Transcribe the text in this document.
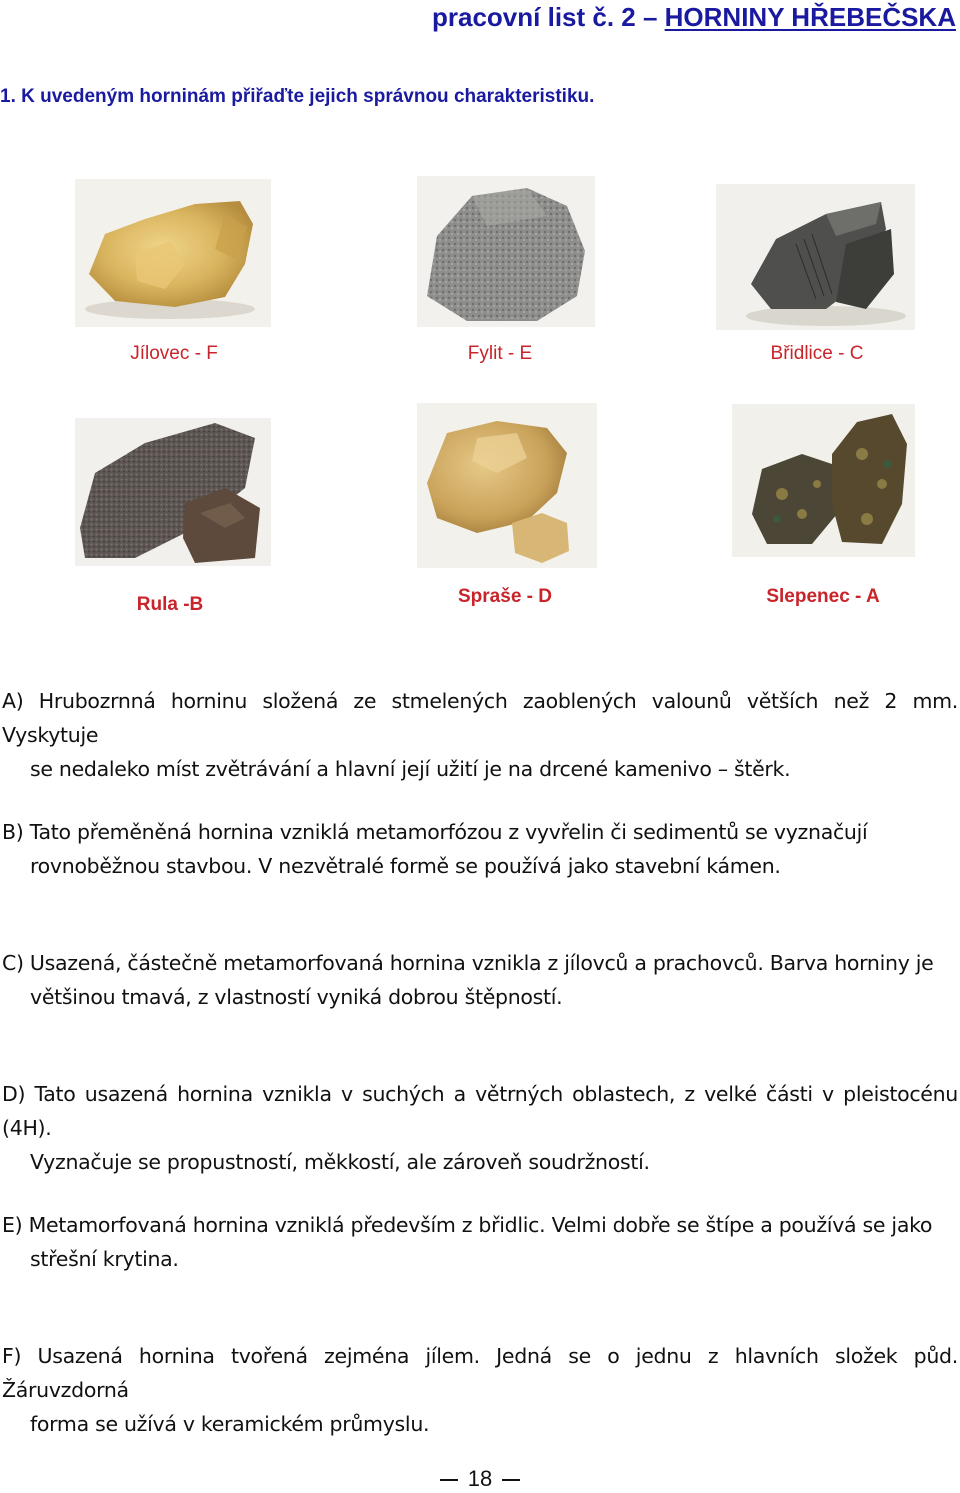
pracovní list č. 2 – HORNINY HŘEBEČSKA
1. K uvedeným horninám přiřaďte jejich správnou charakteristiku.
Jílovec - F	Fylit - E	Břidlice - C
Rula -B	Spraše - D	Slepenec - A
A) Hrubozrnná horninu složená ze stmelených zaoblených valounů větších než 2 mm. Vyskytuje
se nedaleko míst zvětrávání a hlavní její užití je na drcené kamenivo – štěrk.
B) Tato přeměněná hornina vzniklá metamorfózou z vyvřelin či sedimentů se vyznačují
rovnoběžnou stavbou. V nezvětralé formě se používá jako stavební kámen.
C) Usazená, částečně metamorfovaná hornina vznikla z jílovců a prachovců. Barva horniny je
většinou tmavá, z vlastností vyniká dobrou štěpností.
D) Tato usazená hornina vznikla v suchých a větrných oblastech, z velké části v pleistocénu (4H).
Vyznačuje se propustností, měkkostí, ale zároveň soudržností.
E) Metamorfovaná hornina vzniklá především z břidlic. Velmi dobře se štípe a používá se jako
střešní krytina.
F) Usazená hornina tvořená zejména jílem. Jedná se o jednu z hlavních složek půd. Žáruvzdorná
forma se užívá v keramickém průmyslu.
18
